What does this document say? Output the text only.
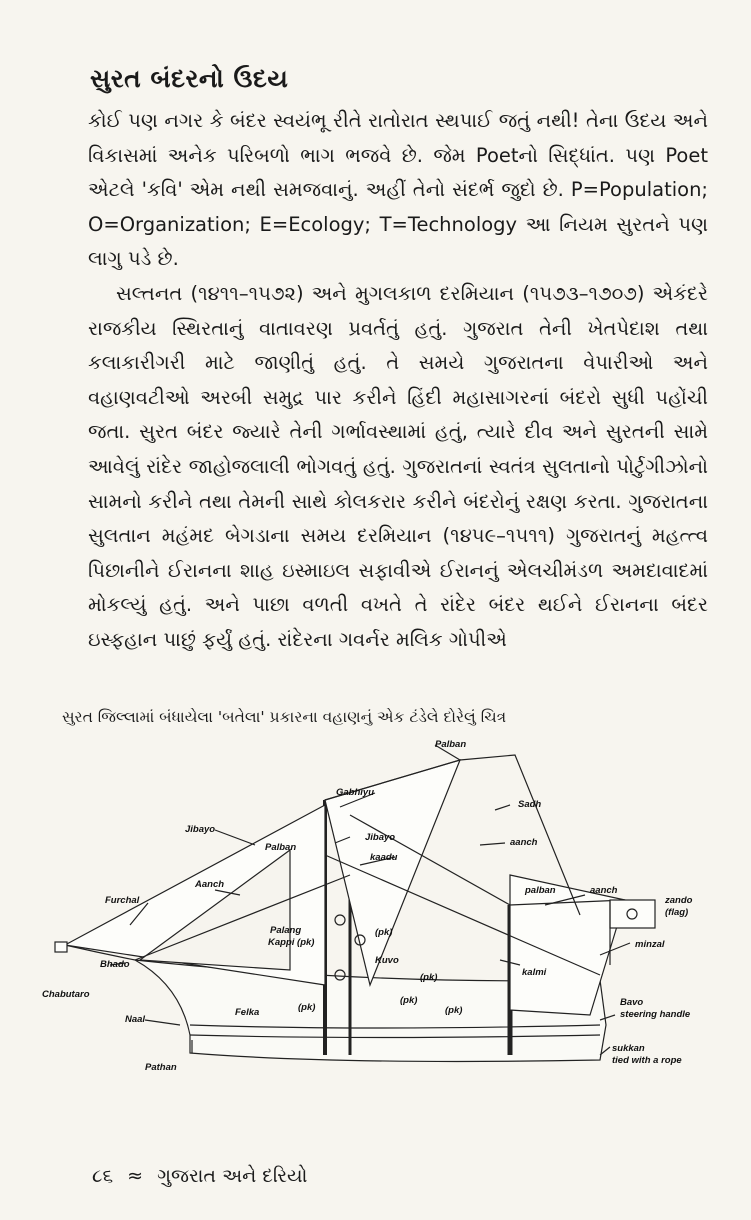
સુરત બંદરનો ઉદય

કોઈ પણ નગર કે બંદર સ્વયંભૂ રીતે રાતોરાત સ્થપાઈ જતું નથી! તેના ઉદય અને વિકાસમાં અનેક પરિબળો ભાગ ભજવે છે. જેમ Poetનો સિદ્ધાંત. પણ Poet એટલે 'કવિ' એમ નથી સમજવાનું. અહીં તેનો સંદર્ભ જુદો છે. P=Population; O=Organization; E=Ecology; T=Technology આ નિયમ સુરતને પણ લાગુ પડે છે.

સલ્તનત (૧૪૧૧–૧૫૭૨) અને મુગલકાળ દરમિયાન (૧૫૭૩–૧૭૦૭) એકંદરે રાજકીય સ્થિરતાનું વાતાવરણ પ્રવર્તતું હતું. ગુજરાત તેની ખેતપેદાશ તથા કલાકારીગરી માટે જાણીતું હતું. તે સમયે ગુજરાતના વેપારીઓ અને વહાણવટીઓ અરબી સમુદ્ર પાર કરીને હિંદી મહાસાગરનાં બંદરો સુધી પહોંચી જતા. સુરત બંદર જ્યારે તેની ગર્ભાવસ્થામાં હતું, ત્યારે દીવ અને સુરતની સામે આવેલું રાંદેર જાહોજલાલી ભોગવતું હતું. ગુજરાતનાં સ્વતંત્ર સુલતાનો પોર્ટુગીઝોનો સામનો કરીને તથા તેમની સાથે કોલકરાર કરીને બંદરોનું રક્ષણ કરતા. ગુજરાતના સુલતાન મહંમદ બેગડાના સમય દરમિયાન (૧૪૫૯–૧૫૧૧) ગુજરાતનું મહત્ત્વ પિછાનીને ઈરાનના શાહ ઇસ્માઇલ સફાવીએ ઈરાનનું એલચીમંડળ અમદાવાદમાં મોકલ્યું હતું. અને પાછા વળતી વખતે તે રાંદેર બંદર થઈને ઈરાનના બંદર ઇસ્ફહાન પાછું ફર્યું હતું. રાંદેરના ગવર્નર મલિક ગોપીએ

સુરત જિલ્લામાં બંધાયેલા 'બતેલા' પ્રકારના વહાણનું એક ટંડેલે દોરેલું ચિત્ર
Palban
Gabhiyu
Sadh
aanch
Jibayo
Palban
Jibayo
kaadu
Furchal
Aanch
Palang
Kappi (pk)
(pk)
Kuvo
palban	aanch
zando
(flag)
minzal
kalmi
Bhado
Chabutaro
Bavo
steering handle
(pk)
(pk)
(pk)
(pk)
Felka
Naal
sukkan
tied with a rope
Pathan
૮૬ ≈ ગુજરાત અને દરિયો
